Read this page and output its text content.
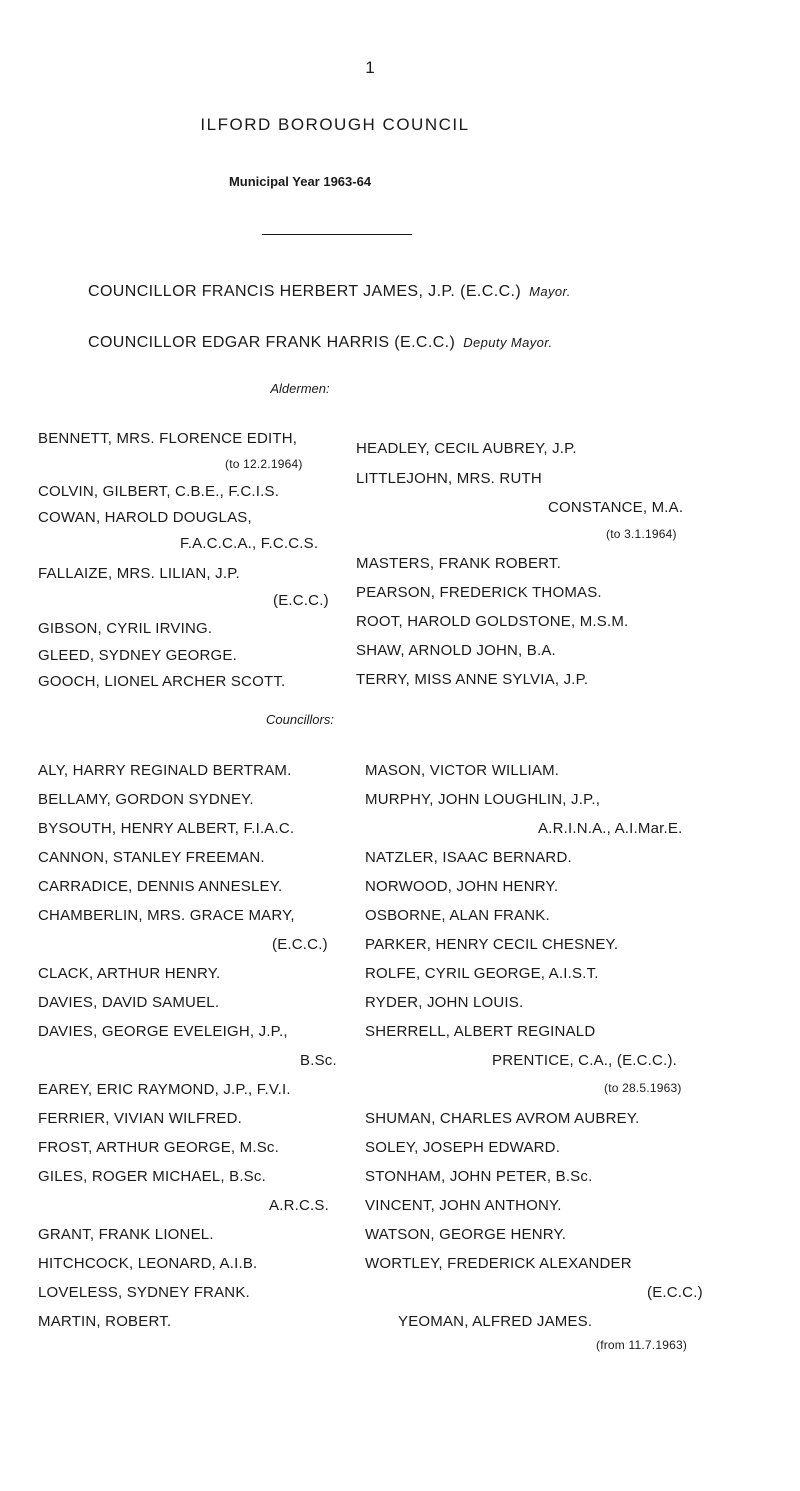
1
ILFORD BOROUGH COUNCIL
Municipal Year 1963-64
COUNCILLOR FRANCIS HERBERT JAMES, J.P. (E.C.C.) Mayor.
COUNCILLOR EDGAR FRANK HARRIS (E.C.C.) Deputy Mayor.
Aldermen:
BENNETT, MRS. FLORENCE EDITH,
(to 12.2.1964)
COLVIN, GILBERT, C.B.E., F.C.I.S.
COWAN, HAROLD DOUGLAS,
F.A.C.C.A., F.C.C.S.
FALLAIZE, MRS. LILIAN, J.P.
(E.C.C.)
GIBSON, CYRIL IRVING.
GLEED, SYDNEY GEORGE.
GOOCH, LIONEL ARCHER SCOTT.
HEADLEY, CECIL AUBREY, J.P.
LITTLEJOHN, MRS. RUTH
CONSTANCE, M.A.
(to 3.1.1964)
MASTERS, FRANK ROBERT.
PEARSON, FREDERICK THOMAS.
ROOT, HAROLD GOLDSTONE, M.S.M.
SHAW, ARNOLD JOHN, B.A.
TERRY, MISS ANNE SYLVIA, J.P.
Councillors:
ALY, HARRY REGINALD BERTRAM.
BELLAMY, GORDON SYDNEY.
BYSOUTH, HENRY ALBERT, F.I.A.C.
CANNON, STANLEY FREEMAN.
CARRADICE, DENNIS ANNESLEY.
CHAMBERLIN, MRS. GRACE MARY,
(E.C.C.)
CLACK, ARTHUR HENRY.
DAVIES, DAVID SAMUEL.
DAVIES, GEORGE EVELEIGH, J.P.,
B.Sc.
EAREY, ERIC RAYMOND, J.P., F.V.I.
FERRIER, VIVIAN WILFRED.
FROST, ARTHUR GEORGE, M.Sc.
GILES, ROGER MICHAEL, B.Sc.
A.R.C.S.
GRANT, FRANK LIONEL.
HITCHCOCK, LEONARD, A.I.B.
LOVELESS, SYDNEY FRANK.
MARTIN, ROBERT.
MASON, VICTOR WILLIAM.
MURPHY, JOHN LOUGHLIN, J.P.,
A.R.I.N.A., A.I.Mar.E.
NATZLER, ISAAC BERNARD.
NORWOOD, JOHN HENRY.
OSBORNE, ALAN FRANK.
PARKER, HENRY CECIL CHESNEY.
ROLFE, CYRIL GEORGE, A.I.S.T.
RYDER, JOHN LOUIS.
SHERRELL, ALBERT REGINALD
PRENTICE, C.A., (E.C.C.).
(to 28.5.1963)
SHUMAN, CHARLES AVROM AUBREY.
SOLEY, JOSEPH EDWARD.
STONHAM, JOHN PETER, B.Sc.
VINCENT, JOHN ANTHONY.
WATSON, GEORGE HENRY.
WORTLEY, FREDERICK ALEXANDER
(E.C.C.)
YEOMAN, ALFRED JAMES.
(from 11.7.1963)
